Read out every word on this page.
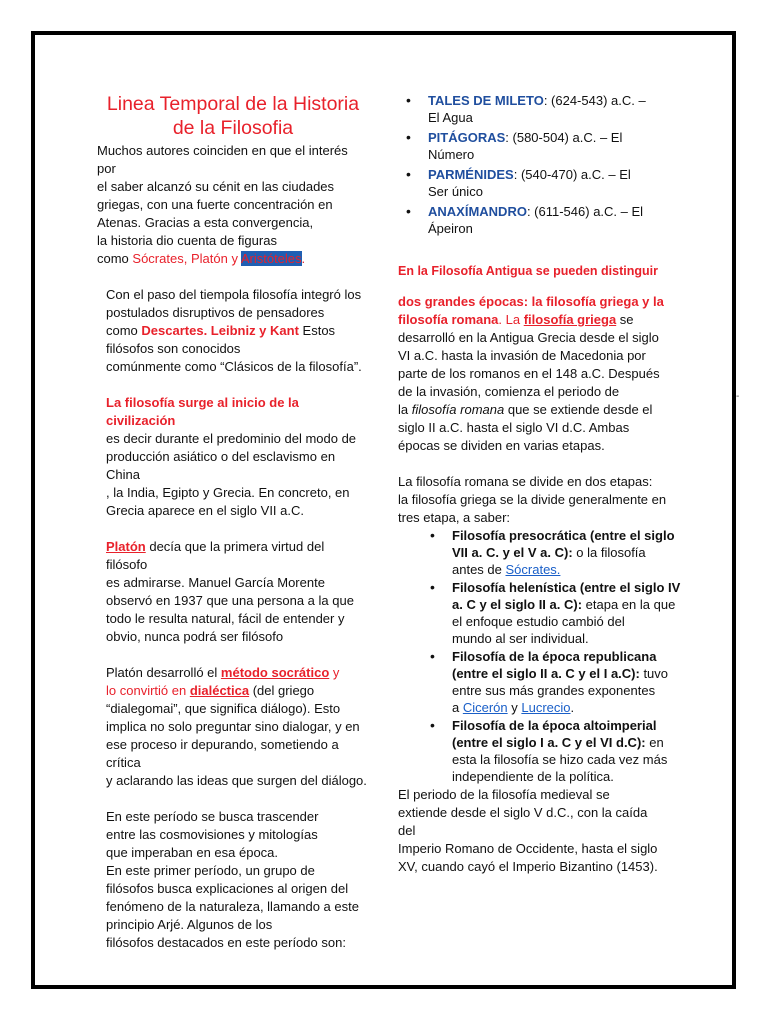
-
Linea Temporal de la Historia
de la Filosofia

Muchos autores coinciden en que el interés por
el saber alcanzó su cénit en las ciudades
griegas, con una fuerte concentración en
Atenas. Gracias a esta convergencia,
la historia dio cuenta de figuras
como Sócrates, Platón y Aristóteles.

Con el paso del tiempola filosofía integró los
postulados disruptivos de pensadores
como Descartes. Leibniz y Kant Estos
filósofos son conocidos
comúnmente como “Clásicos de la filosofía”.

La filosofía surge al inicio de la civilización
es decir durante el predominio del modo de
producción asiático o del esclavismo en China
, la India, Egipto y Grecia. En concreto, en
Grecia aparece en el siglo VII a.C.

Platón decía que la primera virtud del filósofo
es admirarse. Manuel García Morente
observó en 1937 que una persona a la que
todo le resulta natural, fácil de entender y
obvio, nunca podrá ser filósofo

Platón desarrolló el método socrático y
lo convirtió en dialéctica (del griego
“dialegomai”, que significa diálogo). Esto
implica no solo preguntar sino dialogar, y en
ese proceso ir depurando, sometiendo a
crítica
y aclarando las ideas que surgen del diálogo.

En este período se busca trascender
entre las cosmovisiones y mitologías
que imperaban en esa época.
En este primer período, un grupo de
filósofos busca explicaciones al origen del
fenómeno de la naturaleza, llamando a este
principio Arjé. Algunos de los
filósofos destacados en este período son:

• TALES DE MILETO: (624-543) a.C. –
El Agua
• PITÁGORAS: (580-504) a.C. – El
Número
• PARMÉNIDES: (540-470) a.C. – El
Ser único
• ANAXÍMANDRO: (611-546) a.C. – El
Ápeiron

En la Filosofía Antigua se pueden distinguir

dos grandes épocas: la filosofía griega y la
filosofía romana. La filosofía griega se
desarrolló en la Antigua Grecia desde el siglo
VI a.C. hasta la invasión de Macedonia por
parte de los romanos en el 148 a.C. Después
de la invasión, comienza el periodo de
la filosofía romana que se extiende desde el
siglo II a.C. hasta el siglo VI d.C. Ambas
épocas se dividen en varias etapas.

La filosofía romana se divide en dos etapas:
la filosofía griega se la divide generalmente en
tres etapa, a saber:

• Filosofía presocrática (entre el siglo
VII a. C. y el V a. C): o la filosofía
antes de Sócrates.
• Filosofía helenística (entre el siglo IV
a. C y el siglo II a. C): etapa en la que
el enfoque estudio cambió del
mundo al ser individual.
• Filosofía de la época republicana
(entre el siglo II a. C y el I a.C): tuvo
entre sus más grandes exponentes
a Cicerón y Lucrecio.
• Filosofía de la época altoimperial
(entre el siglo I a. C y el VI d.C): en
esta la filosofía se hizo cada vez más
independiente de la política.

El periodo de la filosofía medieval se
extiende desde el siglo V d.C., con la caída
del
Imperio Romano de Occidente, hasta el siglo
XV, cuando cayó el Imperio Bizantino (1453).
